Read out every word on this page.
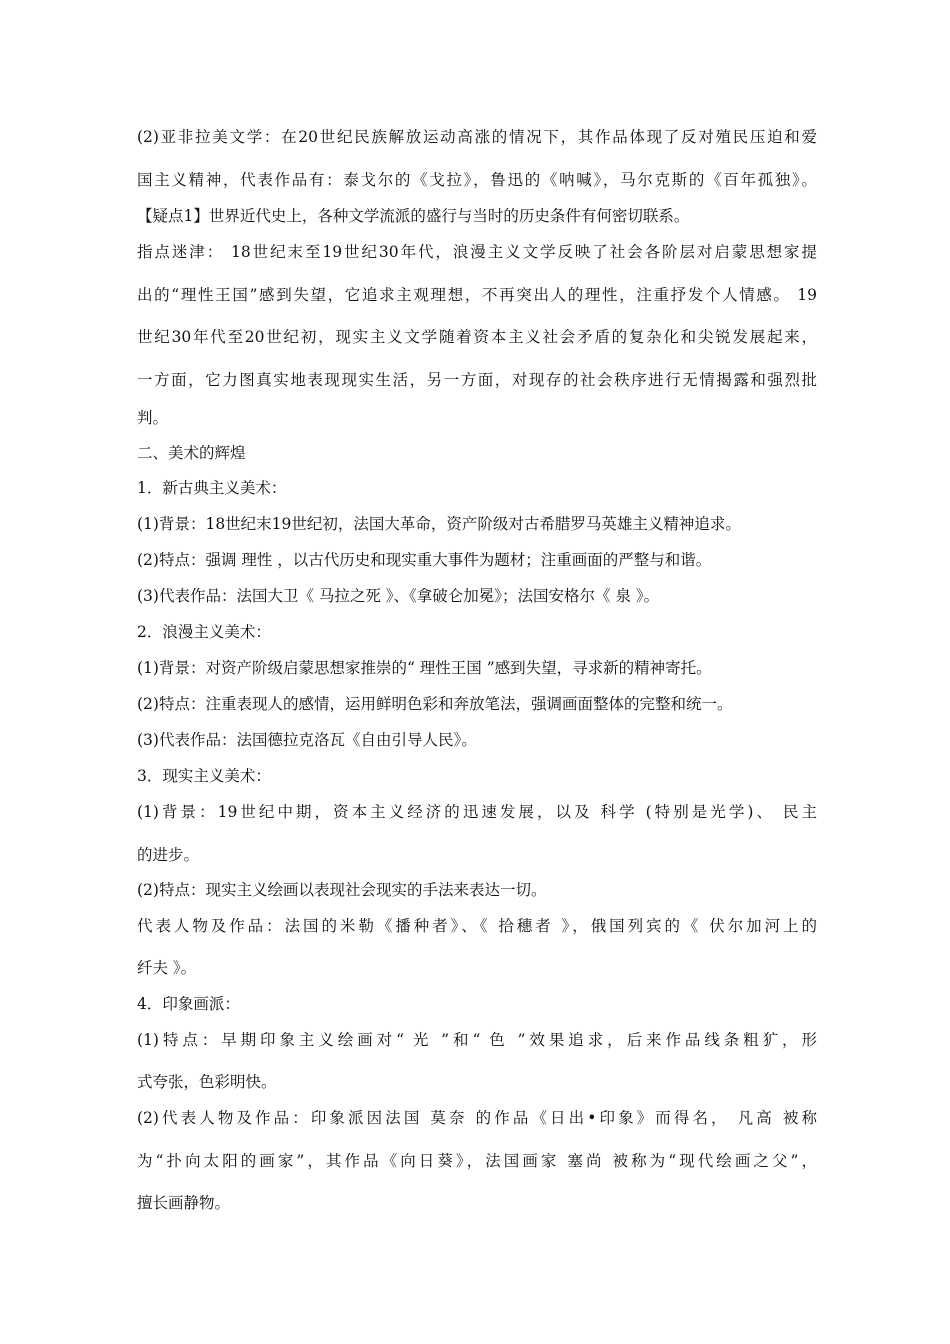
(2)亚非拉美文学：在20世纪民族解放运动高涨的情况下，其作品体现了反对殖民压迫和爱
国主义精神，代表作品有：泰戈尔的《戈拉》，鲁迅的《呐喊》，马尔克斯的《百年孤独》。
【疑点1】世界近代史上，各种文学流派的盛行与当时的历史条件有何密切联系。
指点迷津： 18世纪末至19世纪30年代，浪漫主义文学反映了社会各阶层对启蒙思想家提
出的“理性王国”感到失望，它追求主观理想，不再突出人的理性，注重抒发个人情感。 19
世纪30年代至20世纪初，现实主义文学随着资本主义社会矛盾的复杂化和尖锐发展起来，
一方面，它力图真实地表现现实生活，另一方面，对现存的社会秩序进行无情揭露和强烈批
判。
二、美术的辉煌
1．新古典主义美术：
(1)背景：18世纪末19世纪初，法国大革命，资产阶级对古希腊罗马英雄主义精神追求。
(2)特点：强调 理性 ，以古代历史和现实重大事件为题材；注重画面的严整与和谐。
(3)代表作品：法国大卫《 马拉之死 》、《拿破仑加冕》；法国安格尔《 泉 》。
2．浪漫主义美术：
(1)背景：对资产阶级启蒙思想家推崇的“ 理性王国 ”感到失望，寻求新的精神寄托。
(2)特点：注重表现人的感情，运用鲜明色彩和奔放笔法，强调画面整体的完整和统一。
(3)代表作品：法国德拉克洛瓦《自由引导人民》。
3．现实主义美术：
(1)背景：19世纪中期，资本主义经济的迅速发展，以及 科学 (特别是光学)、 民主
的进步。
(2)特点：现实主义绘画以表现社会现实的手法来表达一切。
代表人物及作品：法国的米勒《播种者》、《 拾穗者 》，俄国列宾的《 伏尔加河上的
纤夫 》。
4．印象画派：
(1)特点：早期印象主义绘画对“ 光 ”和“ 色 ”效果追求，后来作品线条粗犷，形
式夸张，色彩明快。
(2)代表人物及作品：印象派因法国 莫奈 的作品《日出•印象》而得名， 凡高 被称
为“扑向太阳的画家”，其作品《向日葵》，法国画家 塞尚 被称为“现代绘画之父”，
擅长画静物。
